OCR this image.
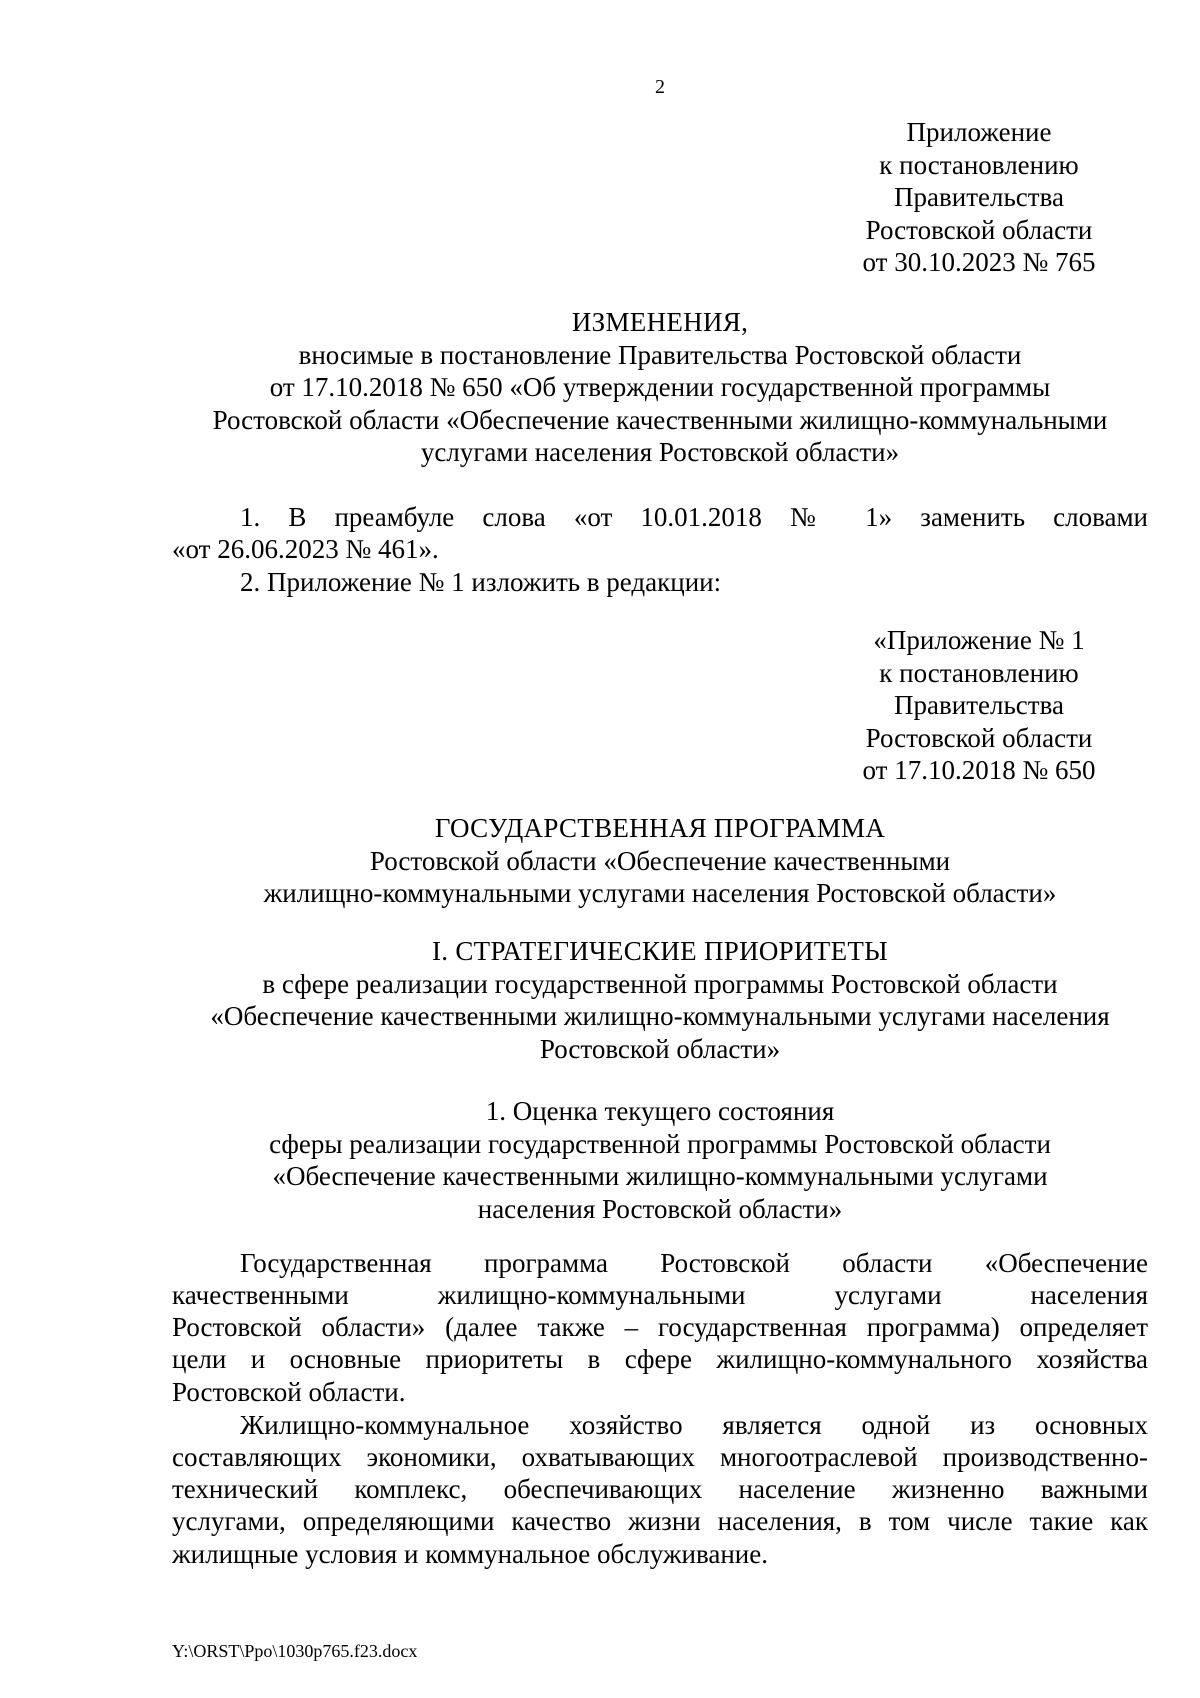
2
Приложение
к постановлению
Правительства
Ростовской области
от 30.10.2023 № 765
ИЗМЕНЕНИЯ,
вносимые в постановление Правительства Ростовской области
от 17.10.2018 № 650 «Об утверждении государственной программы
Ростовской области «Обеспечение качественными жилищно-коммунальными
услугами населения Ростовской области»
1. В преамбуле слова «от 10.01.2018 № 1» заменить словами
«от 26.06.2023 № 461».
2. Приложение № 1 изложить в редакции:
«Приложение № 1
к постановлению
Правительства
Ростовской области
от 17.10.2018 № 650
ГОСУДАРСТВЕННАЯ ПРОГРАММА
Ростовской области «Обеспечение качественными
жилищно-коммунальными услугами населения Ростовской области»
I. СТРАТЕГИЧЕСКИЕ ПРИОРИТЕТЫ
в сфере реализации государственной программы Ростовской области
«Обеспечение качественными жилищно-коммунальными услугами населения
Ростовской области»
1. Оценка текущего состояния
сферы реализации государственной программы Ростовской области
«Обеспечение качественными жилищно-коммунальными услугами
населения Ростовской области»
Государственная программа Ростовской области «Обеспечение
качественными жилищно-коммунальными услугами населения
Ростовской области» (далее также – государственная программа) определяет
цели и основные приоритеты в сфере жилищно-коммунального хозяйства
Ростовской области.
Жилищно-коммунальное хозяйство является одной из основных
составляющих экономики, охватывающих многоотраслевой производственно-
технический комплекс, обеспечивающих население жизненно важными
услугами, определяющими качество жизни населения, в том числе такие как
жилищные условия и коммунальное обслуживание.
Y:\ORST\Ppo\1030p765.f23.docx
